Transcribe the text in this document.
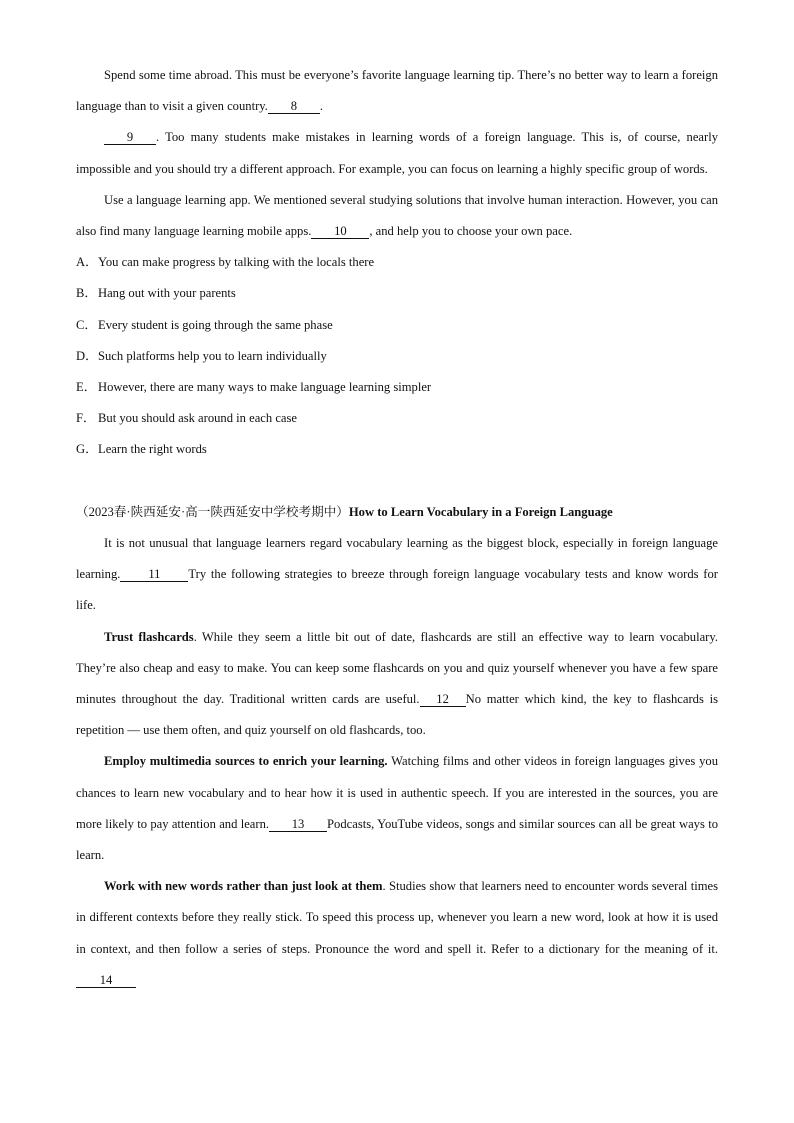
Spend some time abroad. This must be everyone’s favorite language learning tip. There’s no better way to learn a foreign language than to visit a given country. 8 .

9 . Too many students make mistakes in learning words of a foreign language. This is, of course, nearly impossible and you should try a different approach. For example, you can focus on learning a highly specific group of words.

Use a language learning app. We mentioned several studying solutions that involve human interaction. However, you can also find many language learning mobile apps. 10 , and help you to choose your own pace.

A．You can make progress by talking with the locals there
B．Hang out with your parents
C．Every student is going through the same phase
D．Such platforms help you to learn individually
E． However, there are many ways to make language learning simpler
F． But you should ask around in each case
G．Learn the right words

（2023春·陕西延安·高一陕西延安中学校考期中）How to Learn Vocabulary in a Foreign Language

It is not unusual that language learners regard vocabulary learning as the biggest block, especially in foreign language learning. 11 Try the following strategies to breeze through foreign language vocabulary tests and know words for life.

Trust flashcards. While they seem a little bit out of date, flashcards are still an effective way to learn vocabulary. They’re also cheap and easy to make. You can keep some flashcards on you and quiz yourself whenever you have a few spare minutes throughout the day. Traditional written cards are useful. 12 No matter which kind, the key to flashcards is repetition — use them often, and quiz yourself on old flashcards, too.

Employ multimedia sources to enrich your learning. Watching films and other videos in foreign languages gives you chances to learn new vocabulary and to hear how it is used in authentic speech. If you are interested in the sources, you are more likely to pay attention and learn. 13 Podcasts, YouTube videos, songs and similar sources can all be great ways to learn.

Work with new words rather than just look at them. Studies show that learners need to encounter words several times in different contexts before they really stick. To speed this process up, whenever you learn a new word, look at how it is used in context, and then follow a series of steps. Pronounce the word and spell it. Refer to a dictionary for the meaning of it.14
